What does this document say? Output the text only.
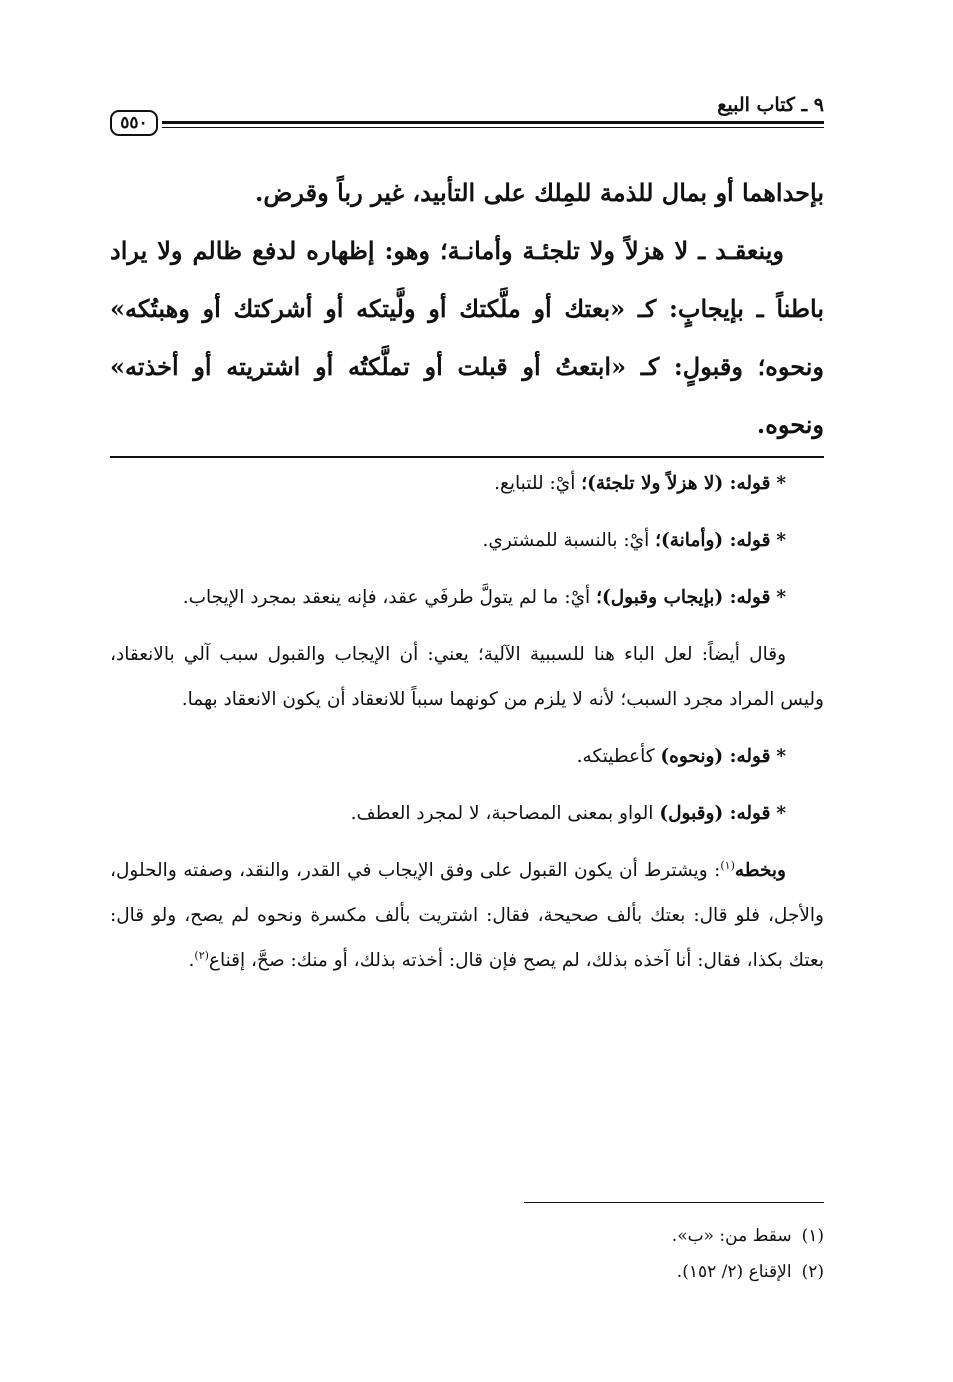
٥٥٠
٩ ـ كتاب البيع

بإحداهما أو بمال للذمة للمِلك على التأبيد، غير رباً وقرض.

وينعقـد ـ لا هزلاً ولا تلجئـة وأمانـة؛ وهو: إظهاره لدفع ظالم ولا يراد باطناً ـ بإيجابٍ: كـ «بعتك أو ملَّكتك أو ولَّيتكه أو أشركتك أو وهبتُكه» ونحوه؛ وقبولٍ: كـ «ابتعتُ أو قبلت أو تملَّكتُه أو اشتريته أو أخذته» ونحوه.

* قوله: (لا هزلاً ولا تلجئة)؛ أيْ: للتبايع.

* قوله: (وأمانة)؛ أيْ: بالنسبة للمشتري.

* قوله: (بإيجاب وقبول)؛ أيْ: ما لم يتولَّ طرفَي عقد، فإنه ينعقد بمجرد الإيجاب.

وقال أيضاً: لعل الباء هنا للسببية الآلية؛ يعني: أن الإيجاب والقبول سبب آلي بالانعقاد، وليس المراد مجرد السبب؛ لأنه لا يلزم من كونهما سبباً للانعقاد أن يكون الانعقاد بهما.

* قوله: (ونحوه) كأعطيتكه.

* قوله: (وقبول) الواو بمعنى المصاحبة، لا لمجرد العطف.

وبخطه$^{(١)}$: ويشترط أن يكون القبول على وفق الإيجاب في القدر، والنقد، وصفته والحلول، والأجل، فلو قال: بعتك بألف صحيحة، فقال: اشتريت بألف مكسرة ونحوه لم يصح، ولو قال: بعتك بكذا، فقال: أنا آخذه بذلك، لم يصح فإن قال: أخذته بذلك، أو منك: صحَّ، إقناع$^{(٢)}$.

(١)سقط من: «ب».

(٢)الإقناع (٢/ ١٥٢).
